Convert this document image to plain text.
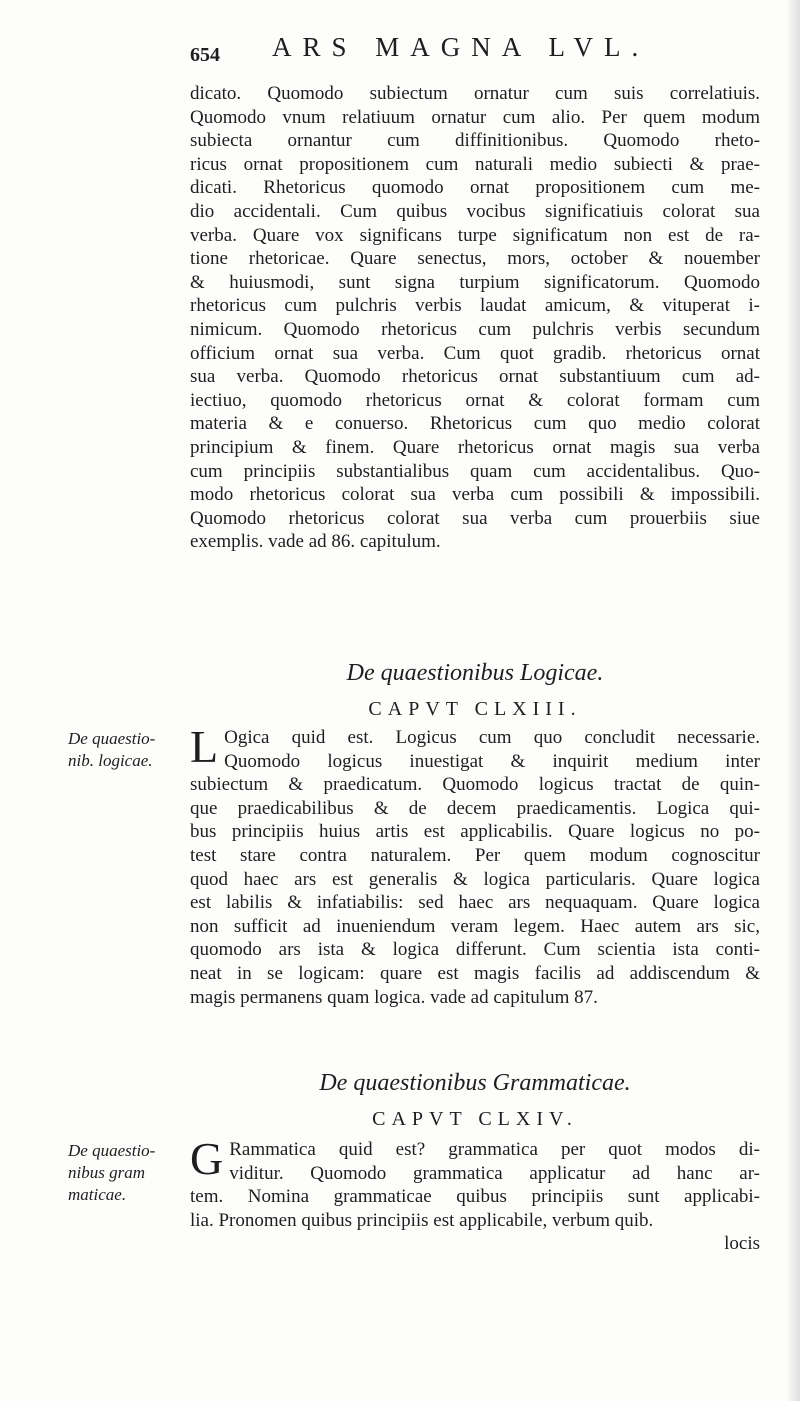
654 ARS MAGNA LVL.
dicato. Quomodo subiectum ornatur cum suis correlatiuis.
Quomodo vnum relatiuum ornatur cum alio. Per quem modum
subiecta ornantur cum diffinitionibus. Quomodo rheto-
ricus ornat propositionem cum naturali medio subiecti & prae-
dicati. Rhetoricus quomodo ornat propositionem cum me-
dio accidentali. Cum quibus vocibus significatiuis colorat sua
verba. Quare vox significans turpe significatum non est de ra-
tione rhetoricae. Quare senectus, mors, october & nouember
& huiusmodi, sunt signa turpium significatorum. Quomodo
rhetoricus cum pulchris verbis laudat amicum, & vituperat i-
nimicum. Quomodo rhetoricus cum pulchris verbis secundum
officium ornat sua verba. Cum quot gradib. rhetoricus ornat
sua verba. Quomodo rhetoricus ornat substantiuum cum ad-
iectiuo, quomodo rhetoricus ornat & colorat formam cum
materia & e conuerso. Rhetoricus cum quo medio colorat
principium & finem. Quare rhetoricus ornat magis sua verba
cum principiis substantialibus quam cum accidentalibus. Quo-
modo rhetoricus colorat sua verba cum possibili & impossibili.
Quomodo rhetoricus colorat sua verba cum prouerbiis siue
exemplis. vade ad 86. capitulum.
De quaestionibus Logicae.
CAPVT CLXIII.
De quaestio-
nib. logicae. L Ogica quid est. Logicus cum quo concludit necessarie.
Quomodo logicus inuestigat & inquirit medium inter
subiectum & praedicatum. Quomodo logicus tractat de quin-
que praedicabilibus & de decem praedicamentis. Logica qui-
bus principiis huius artis est applicabilis. Quare logicus no po-
test stare contra naturalem. Per quem modum cognoscitur
quod haec ars est generalis & logica particularis. Quare logica
est labilis & infatiabilis: sed haec ars nequaquam. Quare logica
non sufficit ad inueniendum veram legem. Haec autem ars sic,
quomodo ars ista & logica differunt. Cum scientia ista conti-
neat in se logicam: quare est magis facilis ad addiscendum &
magis permanens quam logica. vade ad capitulum 87.
De quaestionibus Grammaticae.
CAPVT CLXIV.
De quaestio-
nibus gram
maticae.
G Rammatica quid est? grammatica per quot modos di-
viditur. Quomodo grammatica applicatur ad hanc ar-
tem. Nomina grammaticae quibus principiis sunt applicabi-
lia. Pronomen quibus principiis est applicabile, verbum quib.
locis
